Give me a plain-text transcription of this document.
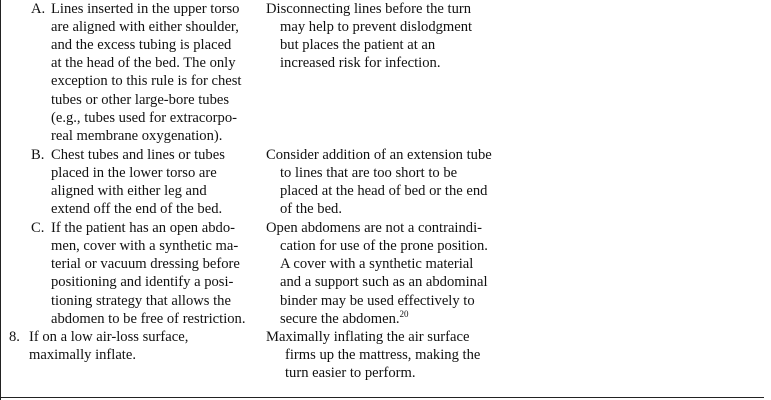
A. Lines inserted in the upper torso
are aligned with either shoulder,
and the excess tubing is placed
at the head of the bed. The only
exception to this rule is for chest
tubes or other large-bore tubes
(e.g., tubes used for extracorpo-
real membrane oxygenation).
Disconnecting lines before the turn
may help to prevent dislodgment
but places the patient at an
increased risk for infection.
B. Chest tubes and lines or tubes
placed in the lower torso are
aligned with either leg and
extend off the end of the bed.
Consider addition of an extension tube
to lines that are too short to be
placed at the head of bed or the end
of the bed.
C. If the patient has an open abdo-
men, cover with a synthetic ma-
terial or vacuum dressing before
positioning and identify a posi-
tioning strategy that allows the
abdomen to be free of restriction.
Open abdomens are not a contraindi-
cation for use of the prone position.
A cover with a synthetic material
and a support such as an abdominal
binder may be used effectively to
secure the abdomen.$^{20}$
8. If on a low air-loss surface,
maximally inflate.
Maximally inflating the air surface
firms up the mattress, making the
turn easier to perform.
